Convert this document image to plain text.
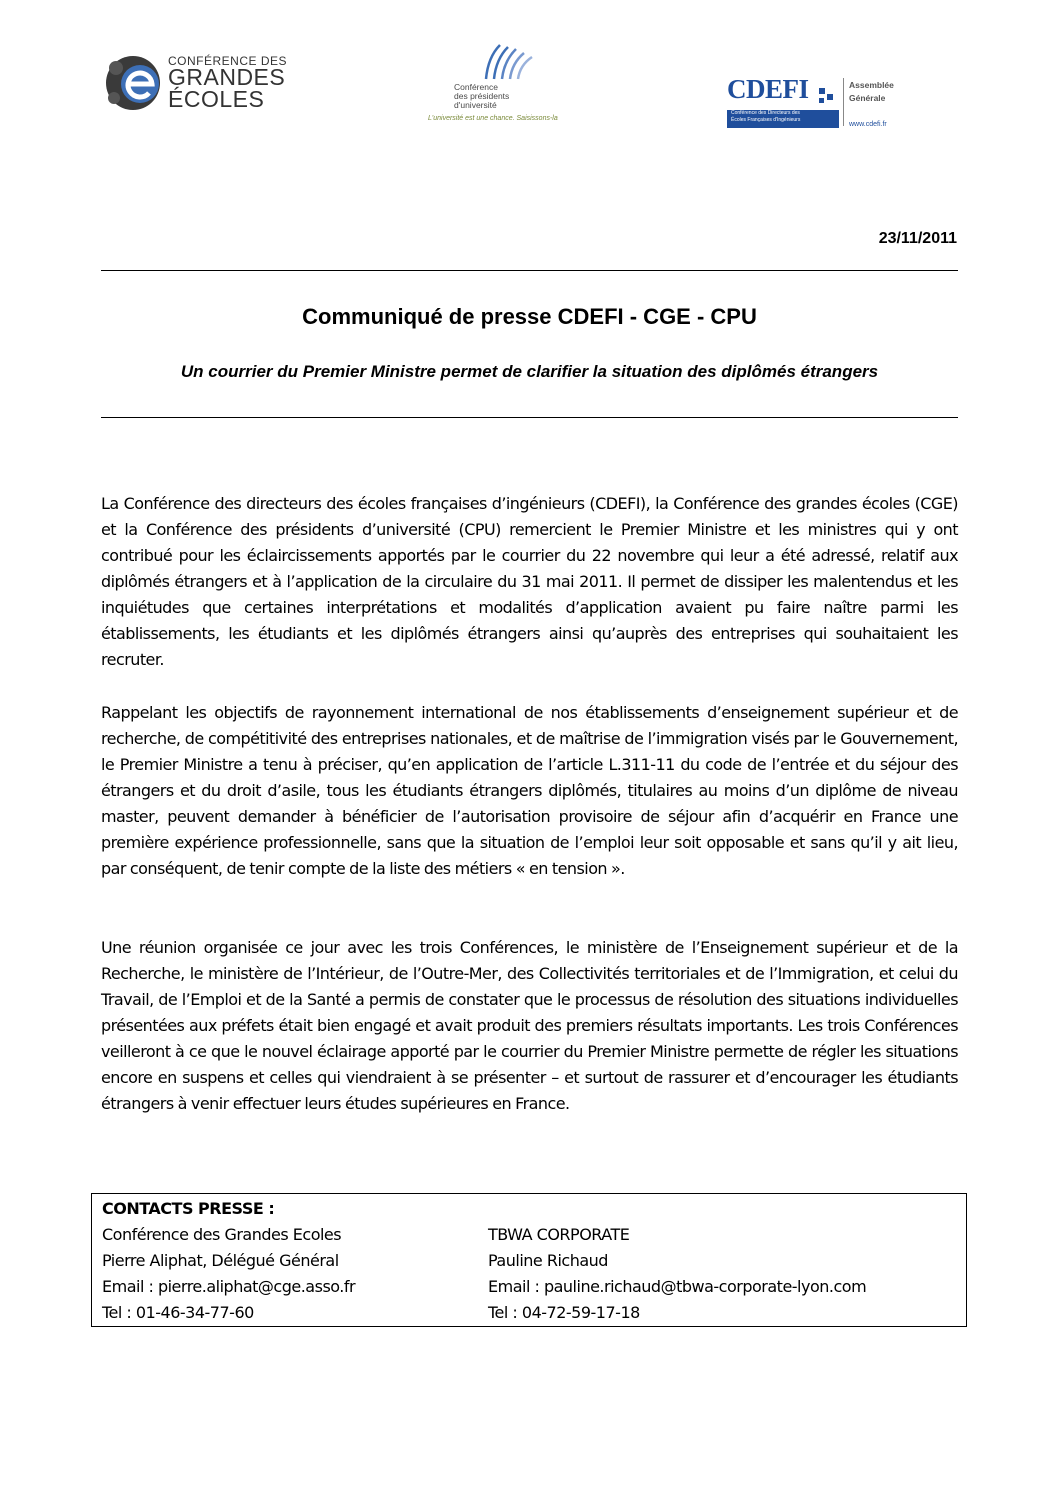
CONFÉRENCE DES
GRANDES
ÉCOLES	Conférence
des présidents
d'université
L'université est une chance. Saisissons-la
CDEFI
Conférence des Directeurs des
Écoles Françaises d'Ingénieurs
Assemblée
Générale
www.cdefi.fr
23/11/2011
Communiqué de presse CDEFI - CGE - CPU
Un courrier du Premier Ministre permet de clarifier la situation des diplômés étrangers

La Conférence des directeurs des écoles françaises d’ingénieurs (CDEFI), la Conférence des grandes écoles (CGE) et la Conférence des présidents d’université (CPU) remercient le Premier Ministre et les ministres qui y ont contribué pour les éclaircissements apportés par le courrier du 22 novembre qui leur a été adressé, relatif aux diplômés étrangers et à l’application de la circulaire du 31 mai 2011. Il permet de dissiper les malentendus et les inquiétudes que certaines interprétations et modalités d’application avaient pu faire naître parmi les établissements, les étudiants et les diplômés étrangers ainsi qu’auprès des entreprises qui souhaitaient les recruter.

Rappelant les objectifs de rayonnement international de nos établissements d’enseignement supérieur et de recherche, de compétitivité des entreprises nationales, et de maîtrise de l’immigration visés par le Gouvernement, le Premier Ministre a tenu à préciser, qu’en application de l’article L.311-11 du code de l’entrée et du séjour des étrangers et du droit d’asile, tous les étudiants étrangers diplômés, titulaires au moins d’un diplôme de niveau master, peuvent demander à bénéficier de l’autorisation provisoire de séjour afin d’acquérir en France une première expérience professionnelle, sans que la situation de l’emploi leur soit opposable et sans qu’il y ait lieu, par conséquent, de tenir compte de la liste des métiers « en tension ».

Une réunion organisée ce jour avec les trois Conférences, le ministère de l’Enseignement supérieur et de la Recherche, le ministère de l’Intérieur, de l’Outre-Mer, des Collectivités territoriales et de l’Immigration, et celui du Travail, de l’Emploi et de la Santé a permis de constater que le processus de résolution des situations individuelles présentées aux préfets était bien engagé et avait produit des premiers résultats importants. Les trois Conférences veilleront à ce que le nouvel éclairage apporté par le courrier du Premier Ministre permette de régler les situations encore en suspens et celles qui viendraient à se présenter – et surtout de rassurer et d’encourager les étudiants étrangers à venir effectuer leurs études supérieures en France.

CONTACTS PRESSE :
Conférence des Grandes Ecoles
Pierre Aliphat, Délégué Général
Email : pierre.aliphat@cge.asso.fr
Tel : 01-46-34-77-60
TBWA CORPORATE
Pauline Richaud
Email : pauline.richaud@tbwa-corporate-lyon.com
Tel : 04-72-59-17-18
